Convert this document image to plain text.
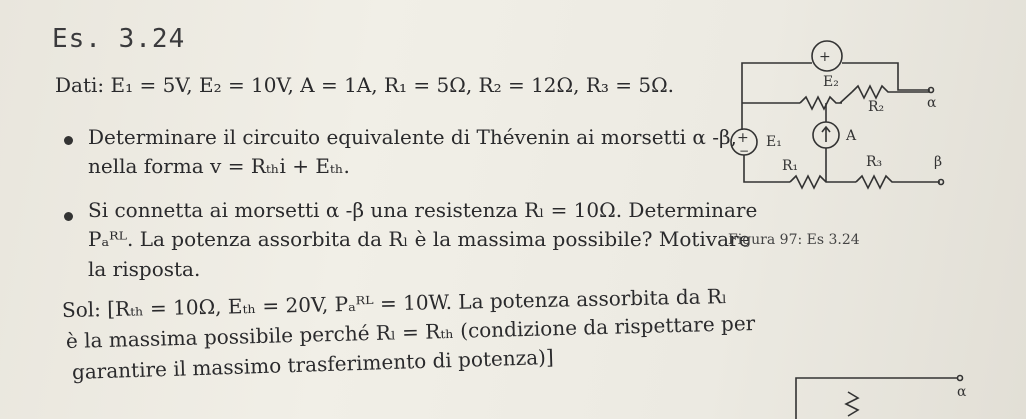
Es. 3.24
Dati: E₁ = 5V, E₂ = 10V, A = 1A, R₁ = 5Ω, R₂ = 12Ω, R₃ = 5Ω.
Determinare il circuito equivalente di Thévenin ai morsetti α -β,
nella forma v = Rₜₕi + Eₜₕ.
Si connetta ai morsetti α -β una resistenza Rₗ = 10Ω. Determinare
Pₐᴿᴸ. La potenza assorbita da Rₗ è la massima possibile? Motivare
la risposta.
Sol: [Rₜₕ = 10Ω, Eₜₕ = 20V, Pₐᴿᴸ = 10W. La potenza assorbita da Rₗ
è la massima possibile perché Rₗ = Rₜₕ (condizione da rispettare per
garantire il massimo trasferimento di potenza)]
Figura 97: Es 3.24
+
E₂
R₂	α
+
−
E₁	A
R₁	R₃	β
α
